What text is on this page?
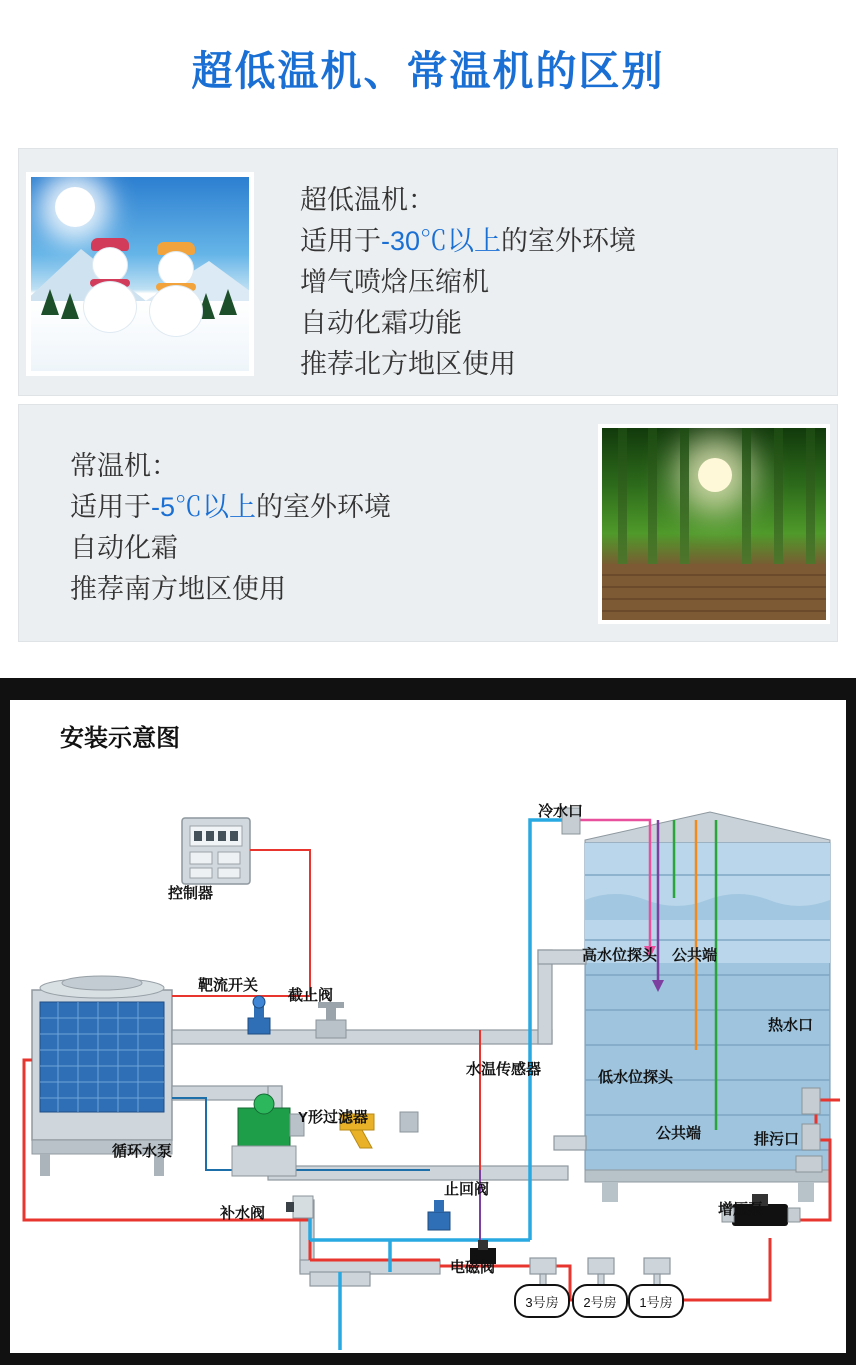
超低温机、常温机的区别
超低温机：
适用于-30℃以上的室外环境
增气喷焓压缩机
自动化霜功能
推荐北方地区使用
常温机：
适用于-5℃以上的室外环境
自动化霜
推荐南方地区使用
安装示意图
控制器
靶流开关
截止阀
冷水口
高水位探头 公共端
低水位探头
公共端
热水口
排污口
水温传感器
循环水泵
Y形过滤器
补水阀
止回阀
电磁阀
增压泵
3号房	2号房	1号房
